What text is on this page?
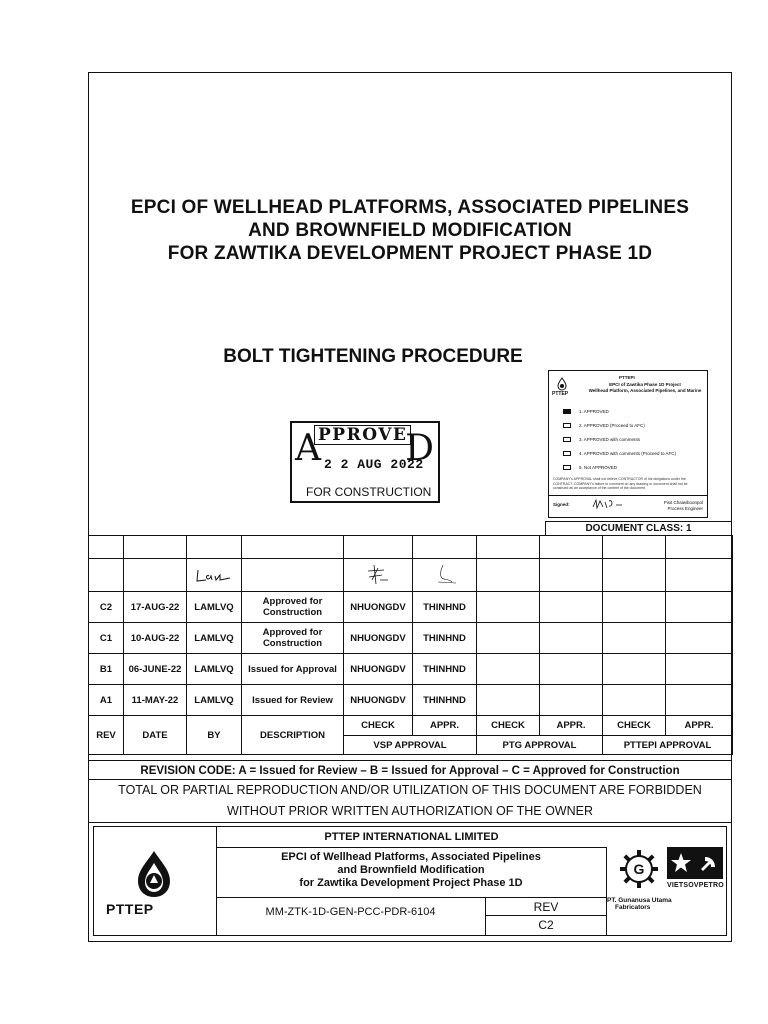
EPCI OF WELLHEAD PLATFORMS, ASSOCIATED PIPELINES
AND BROWNFIELD MODIFICATION
FOR ZAWTIKA DEVELOPMENT PROJECT PHASE 1D
BOLT TIGHTENING PROCEDURE
PTTEP
PTTEPI
EPCI of Zawtika Phase 1D Project
Wellhead Platform, Associated Pipelines, and Marine
1. APPROVED
2. APPROVED (Proceed to AFC)
3. APPROVED with comments
4. APPROVED with comments (Proceed to AFC)
5. Not APPROVED
COMPANY's APPROVAL shall not relieve CONTRACTOR of his obligations under the CONTRACT. COMPANY's failure to comment on any drawing or document shall not be construed as an acceptance of the content of the document.
Signed:	Pisit Chaiwiboonpol
Process Engineer
A
PPROVE
D
2 2 AUG 2022
FOR CONSTRUCTION
DOCUMENT CLASS: 1

C2	17-AUG-22	LAMLVQ	Approved for Construction	NHUONGDV	THINHND				
C1	10-AUG-22	LAMLVQ	Approved for Construction	NHUONGDV	THINHND				
B1	06-JUNE-22	LAMLVQ	Issued for Approval	NHUONGDV	THINHND				
A1	11-MAY-22	LAMLVQ	Issued for Review	NHUONGDV	THINHND				
REV	DATE	BY	DESCRIPTION	CHECK	APPR.	CHECK	APPR.	CHECK	APPR.
				VSP APPROVAL		PTG APPROVAL		PTTEPI APPROVAL	
REVISION CODE: A = Issued for Review – B = Issued for Approval – C = Approved for Construction
TOTAL OR PARTIAL REPRODUCTION AND/OR UTILIZATION OF THIS DOCUMENT ARE FORBIDDEN
WITHOUT PRIOR WRITTEN AUTHORIZATION OF THE OWNER
PTTEP
PTTEP INTERNATIONAL LIMITED
EPCI of Wellhead Platforms, Associated Pipelines
and Brownfield Modification
for Zawtika Development Project Phase 1D
MM-ZTK-1D-GEN-PCC-PDR-6104	REV
C2
G
PT. Gunanusa Utama
Fabricators
VIETSOVPETRO
